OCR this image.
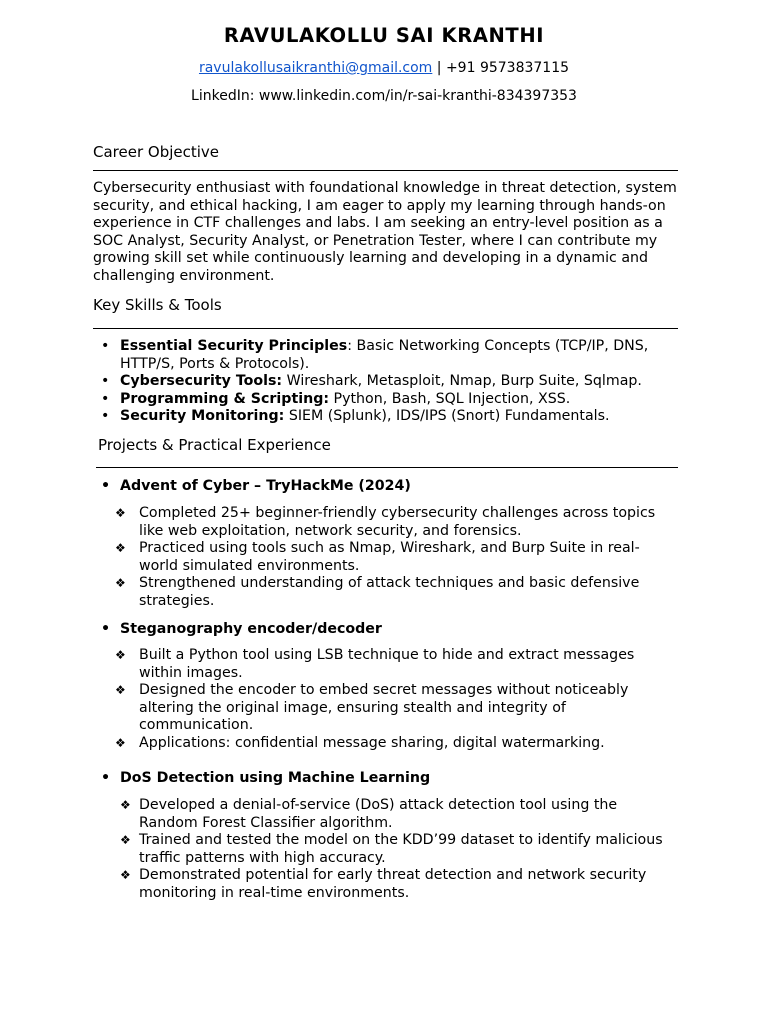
RAVULAKOLLU SAI KRANTHI
ravulakollusaikranthi@gmail.com | +91 9573837115
LinkedIn: www.linkedin.com/in/r-sai-kranthi-834397353
Career Objective
Cybersecurity enthusiast with foundational knowledge in threat detection, system security, and ethical hacking, I am eager to apply my learning through hands-on experience in CTF challenges and labs. I am seeking an entry-level position as a SOC Analyst, Security Analyst, or Penetration Tester, where I can contribute my growing skill set while continuously learning and developing in a dynamic and challenging environment.
Key Skills & Tools
• Essential Security Principles: Basic Networking Concepts (TCP/IP, DNS, HTTP/S, Ports & Protocols).
• Cybersecurity Tools: Wireshark, Metasploit, Nmap, Burp Suite, Sqlmap.
• Programming & Scripting: Python, Bash, SQL Injection, XSS.
• Security Monitoring: SIEM (Splunk), IDS/IPS (Snort) Fundamentals.
Projects & Practical Experience
• Advent of Cyber – TryHackMe (2024)
❖ Completed 25+ beginner-friendly cybersecurity challenges across topics like web exploitation, network security, and forensics.
❖ Practiced using tools such as Nmap, Wireshark, and Burp Suite in real-world simulated environments.
❖ Strengthened understanding of attack techniques and basic defensive strategies.
• Steganography encoder/decoder
❖ Built a Python tool using LSB technique to hide and extract messages within images.
❖ Designed the encoder to embed secret messages without noticeably altering the original image, ensuring stealth and integrity of communication.
❖ Applications: confidential message sharing, digital watermarking.
• DoS Detection using Machine Learning
❖ Developed a denial-of-service (DoS) attack detection tool using the Random Forest Classifier algorithm.
❖ Trained and tested the model on the KDD’99 dataset to identify malicious traffic patterns with high accuracy.
❖ Demonstrated potential for early threat detection and network security monitoring in real-time environments.
